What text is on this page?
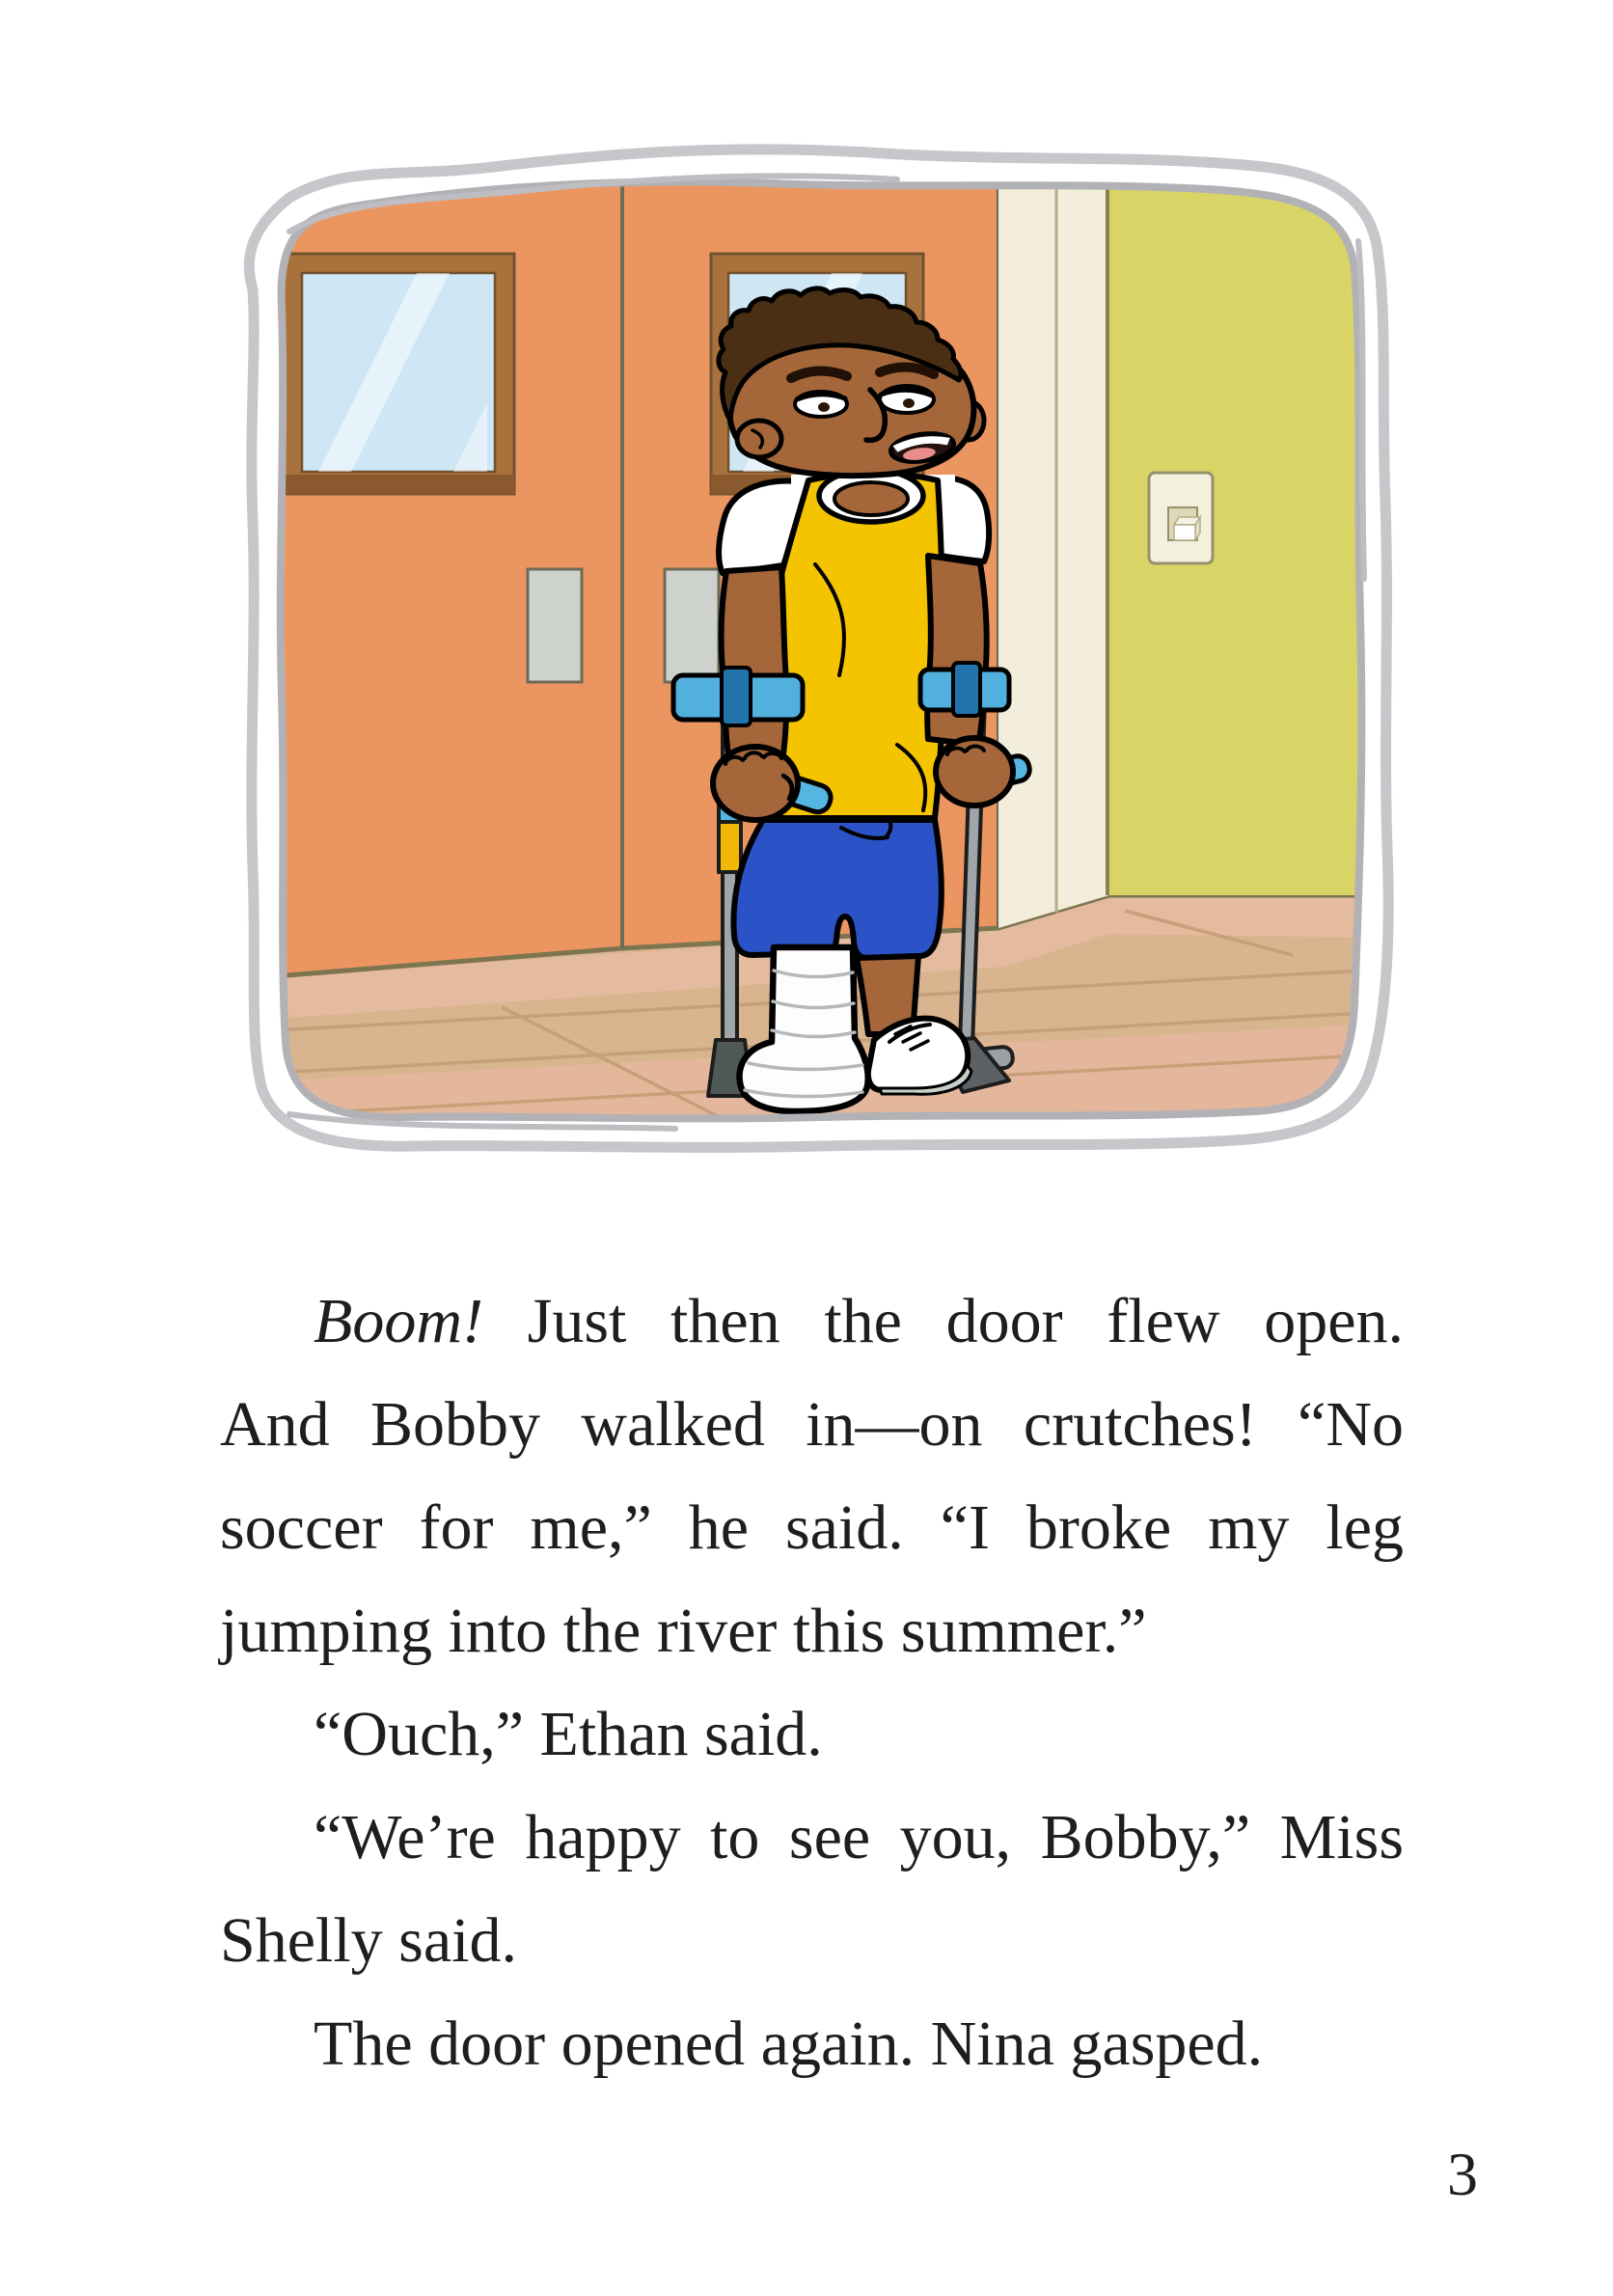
Boom! Just then the door flew open.
And Bobby walked in—on crutches! “No
soccer for me,” he said. “I broke my leg
jumping into the river this summer.”
“Ouch,” Ethan said.
“We’re happy to see you, Bobby,” Miss
Shelly said.
The door opened again. Nina gasped.
3
